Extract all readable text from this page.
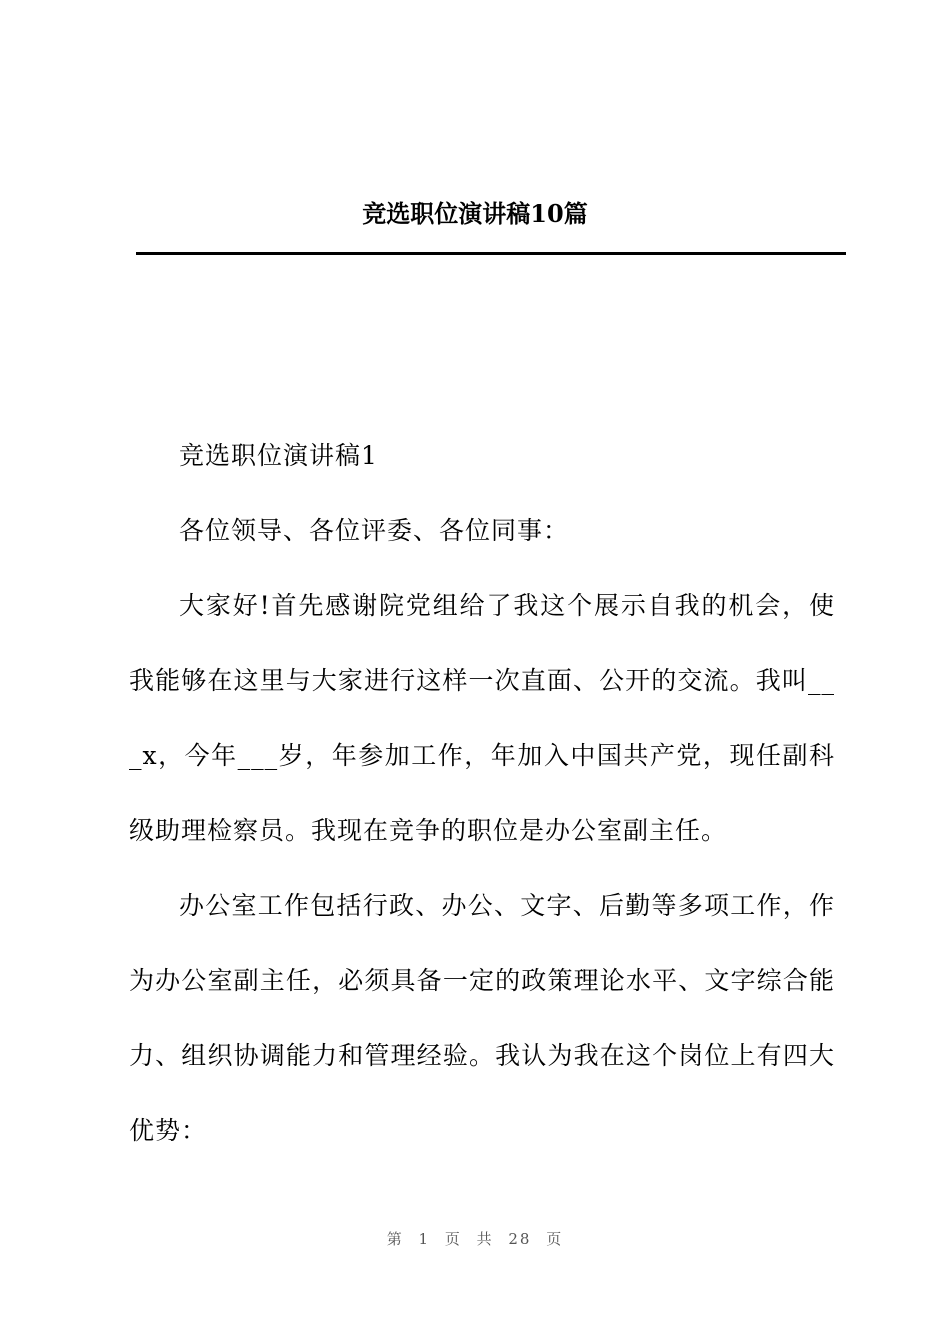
竞选职位演讲稿10篇

竞选职位演讲稿1

各位领导、各位评委、各位同事：

大家好!首先感谢院党组给了我这个展示自我的机会，使我能够在这里与大家进行这样一次直面、公开的交流。我叫___x，今年___岁，年参加工作，年加入中国共产党，现任副科级助理检察员。我现在竞争的职位是办公室副主任。

办公室工作包括行政、办公、文字、后勤等多项工作，作为办公室副主任，必须具备一定的政策理论水平、文字综合能力、组织协调能力和管理经验。我认为我在这个岗位上有四大优势：

第 1 页 共 28 页
